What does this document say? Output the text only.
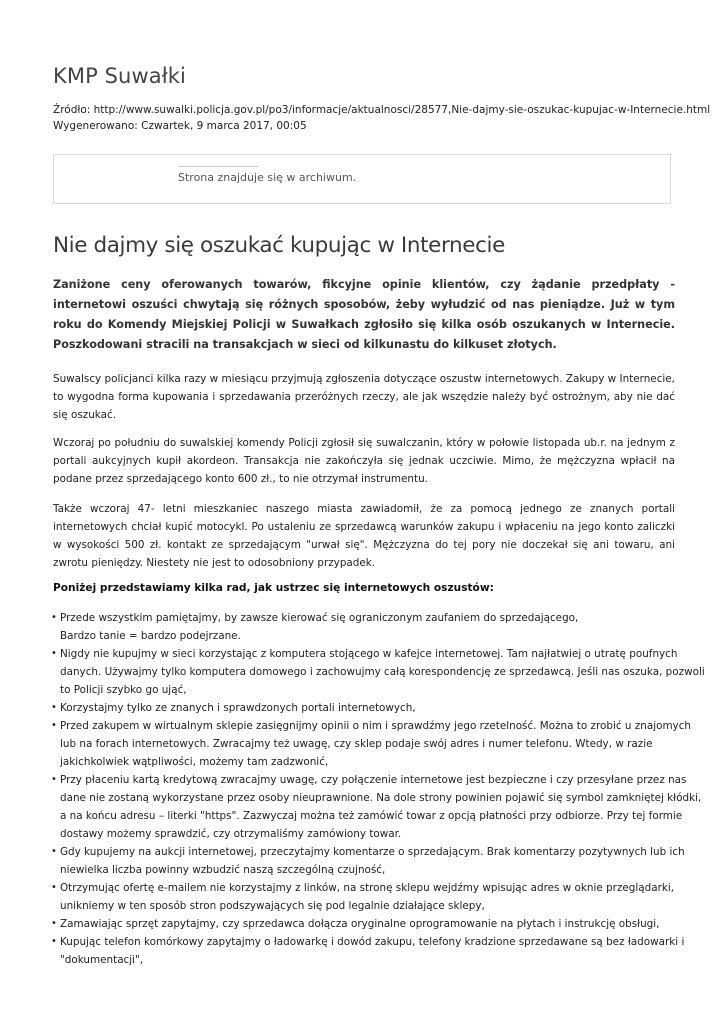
KMP Suwałki
Źródło: http://www.suwalki.policja.gov.pl/po3/informacje/aktualnosci/28577,Nie-dajmy-sie-oszukac-kupujac-w-Internecie.html
Wygenerowano: Czwartek, 9 marca 2017, 00:05
Strona znajduje się w archiwum.
Nie dajmy się oszukać kupując w Internecie

Zaniżone ceny oferowanych towarów, fikcyjne opinie klientów, czy żądanie przedpłaty - internetowi oszuści chwytają się różnych sposobów, żeby wyłudzić od nas pieniądze. Już w tym roku do Komendy Miejskiej Policji w Suwałkach zgłosiło się kilka osób oszukanych w Internecie. Poszkodowani stracili na transakcjach w sieci od kilkunastu do kilkuset złotych.

Suwalscy policjanci kilka razy w miesiącu przyjmują zgłoszenia dotyczące oszustw internetowych. Zakupy w Internecie, to wygodna forma kupowania i sprzedawania przeróżnych rzeczy, ale jak wszędzie należy być ostrożnym, aby nie dać się oszukać.

Wczoraj po południu do suwalskiej komendy Policji zgłosił się suwalczanin, który w połowie listopada ub.r. na jednym z portali aukcyjnych kupił akordeon. Transakcja nie zakończyła się jednak uczciwie. Mimo, że mężczyzna wpłacił na podane przez sprzedającego konto 600 zł., to nie otrzymał instrumentu.

Także wczoraj 47- letni mieszkaniec naszego miasta zawiadomił, że za pomocą jednego ze znanych portali internetowych chciał kupić motocykl. Po ustaleniu ze sprzedawcą warunków zakupu i wpłaceniu na jego konto zaliczki w wysokości 500 zł. kontakt ze sprzedającym "urwał się". Mężczyzna do tej pory nie doczekał się ani towaru, ani zwrotu pieniędzy. Niestety nie jest to odosobniony przypadek.

Poniżej przedstawiamy kilka rad, jak ustrzec się internetowych oszustów:

• Przede wszystkim pamiętajmy, by zawsze kierować się ograniczonym zaufaniem do sprzedającego,
Bardzo tanie = bardzo podejrzane.
• Nigdy nie kupujmy w sieci korzystając z komputera stojącego w kafejce internetowej. Tam najłatwiej o utratę poufnych
danych. Używajmy tylko komputera domowego i zachowujmy całą korespondencję ze sprzedawcą. Jeśli nas oszuka, pozwoli
to Policji szybko go ująć,
• Korzystajmy tylko ze znanych i sprawdzonych portali internetowych,
• Przed zakupem w wirtualnym sklepie zasięgnijmy opinii o nim i sprawdźmy jego rzetelność. Można to zrobić u znajomych
lub na forach internetowych. Zwracajmy też uwagę, czy sklep podaje swój adres i numer telefonu. Wtedy, w razie
jakichkolwiek wątpliwości, możemy tam zadzwonić,
• Przy płaceniu kartą kredytową zwracajmy uwagę, czy połączenie internetowe jest bezpieczne i czy przesyłane przez nas
dane nie zostaną wykorzystane przez osoby nieuprawnione. Na dole strony powinien pojawić się symbol zamkniętej kłódki,
a na końcu adresu – literki "https". Zazwyczaj można też zamówić towar z opcją płatności przy odbiorze. Przy tej formie
dostawy możemy sprawdzić, czy otrzymaliśmy zamówiony towar.
• Gdy kupujemy na aukcji internetowej, przeczytajmy komentarze o sprzedającym. Brak komentarzy pozytywnych lub ich
niewielka liczba powinny wzbudzić naszą szczególną czujność,
• Otrzymując ofertę e-mailem nie korzystajmy z linków, na stronę sklepu wejdźmy wpisując adres w oknie przeglądarki,
unikniemy w ten sposób stron podszywających się pod legalnie działające sklepy,
• Zamawiając sprzęt zapytajmy, czy sprzedawca dołącza oryginalne oprogramowanie na płytach i instrukcję obsługi,
• Kupując telefon komórkowy zapytajmy o ładowarkę i dowód zakupu, telefony kradzione sprzedawane są bez ładowarki i
"dokumentacji",
